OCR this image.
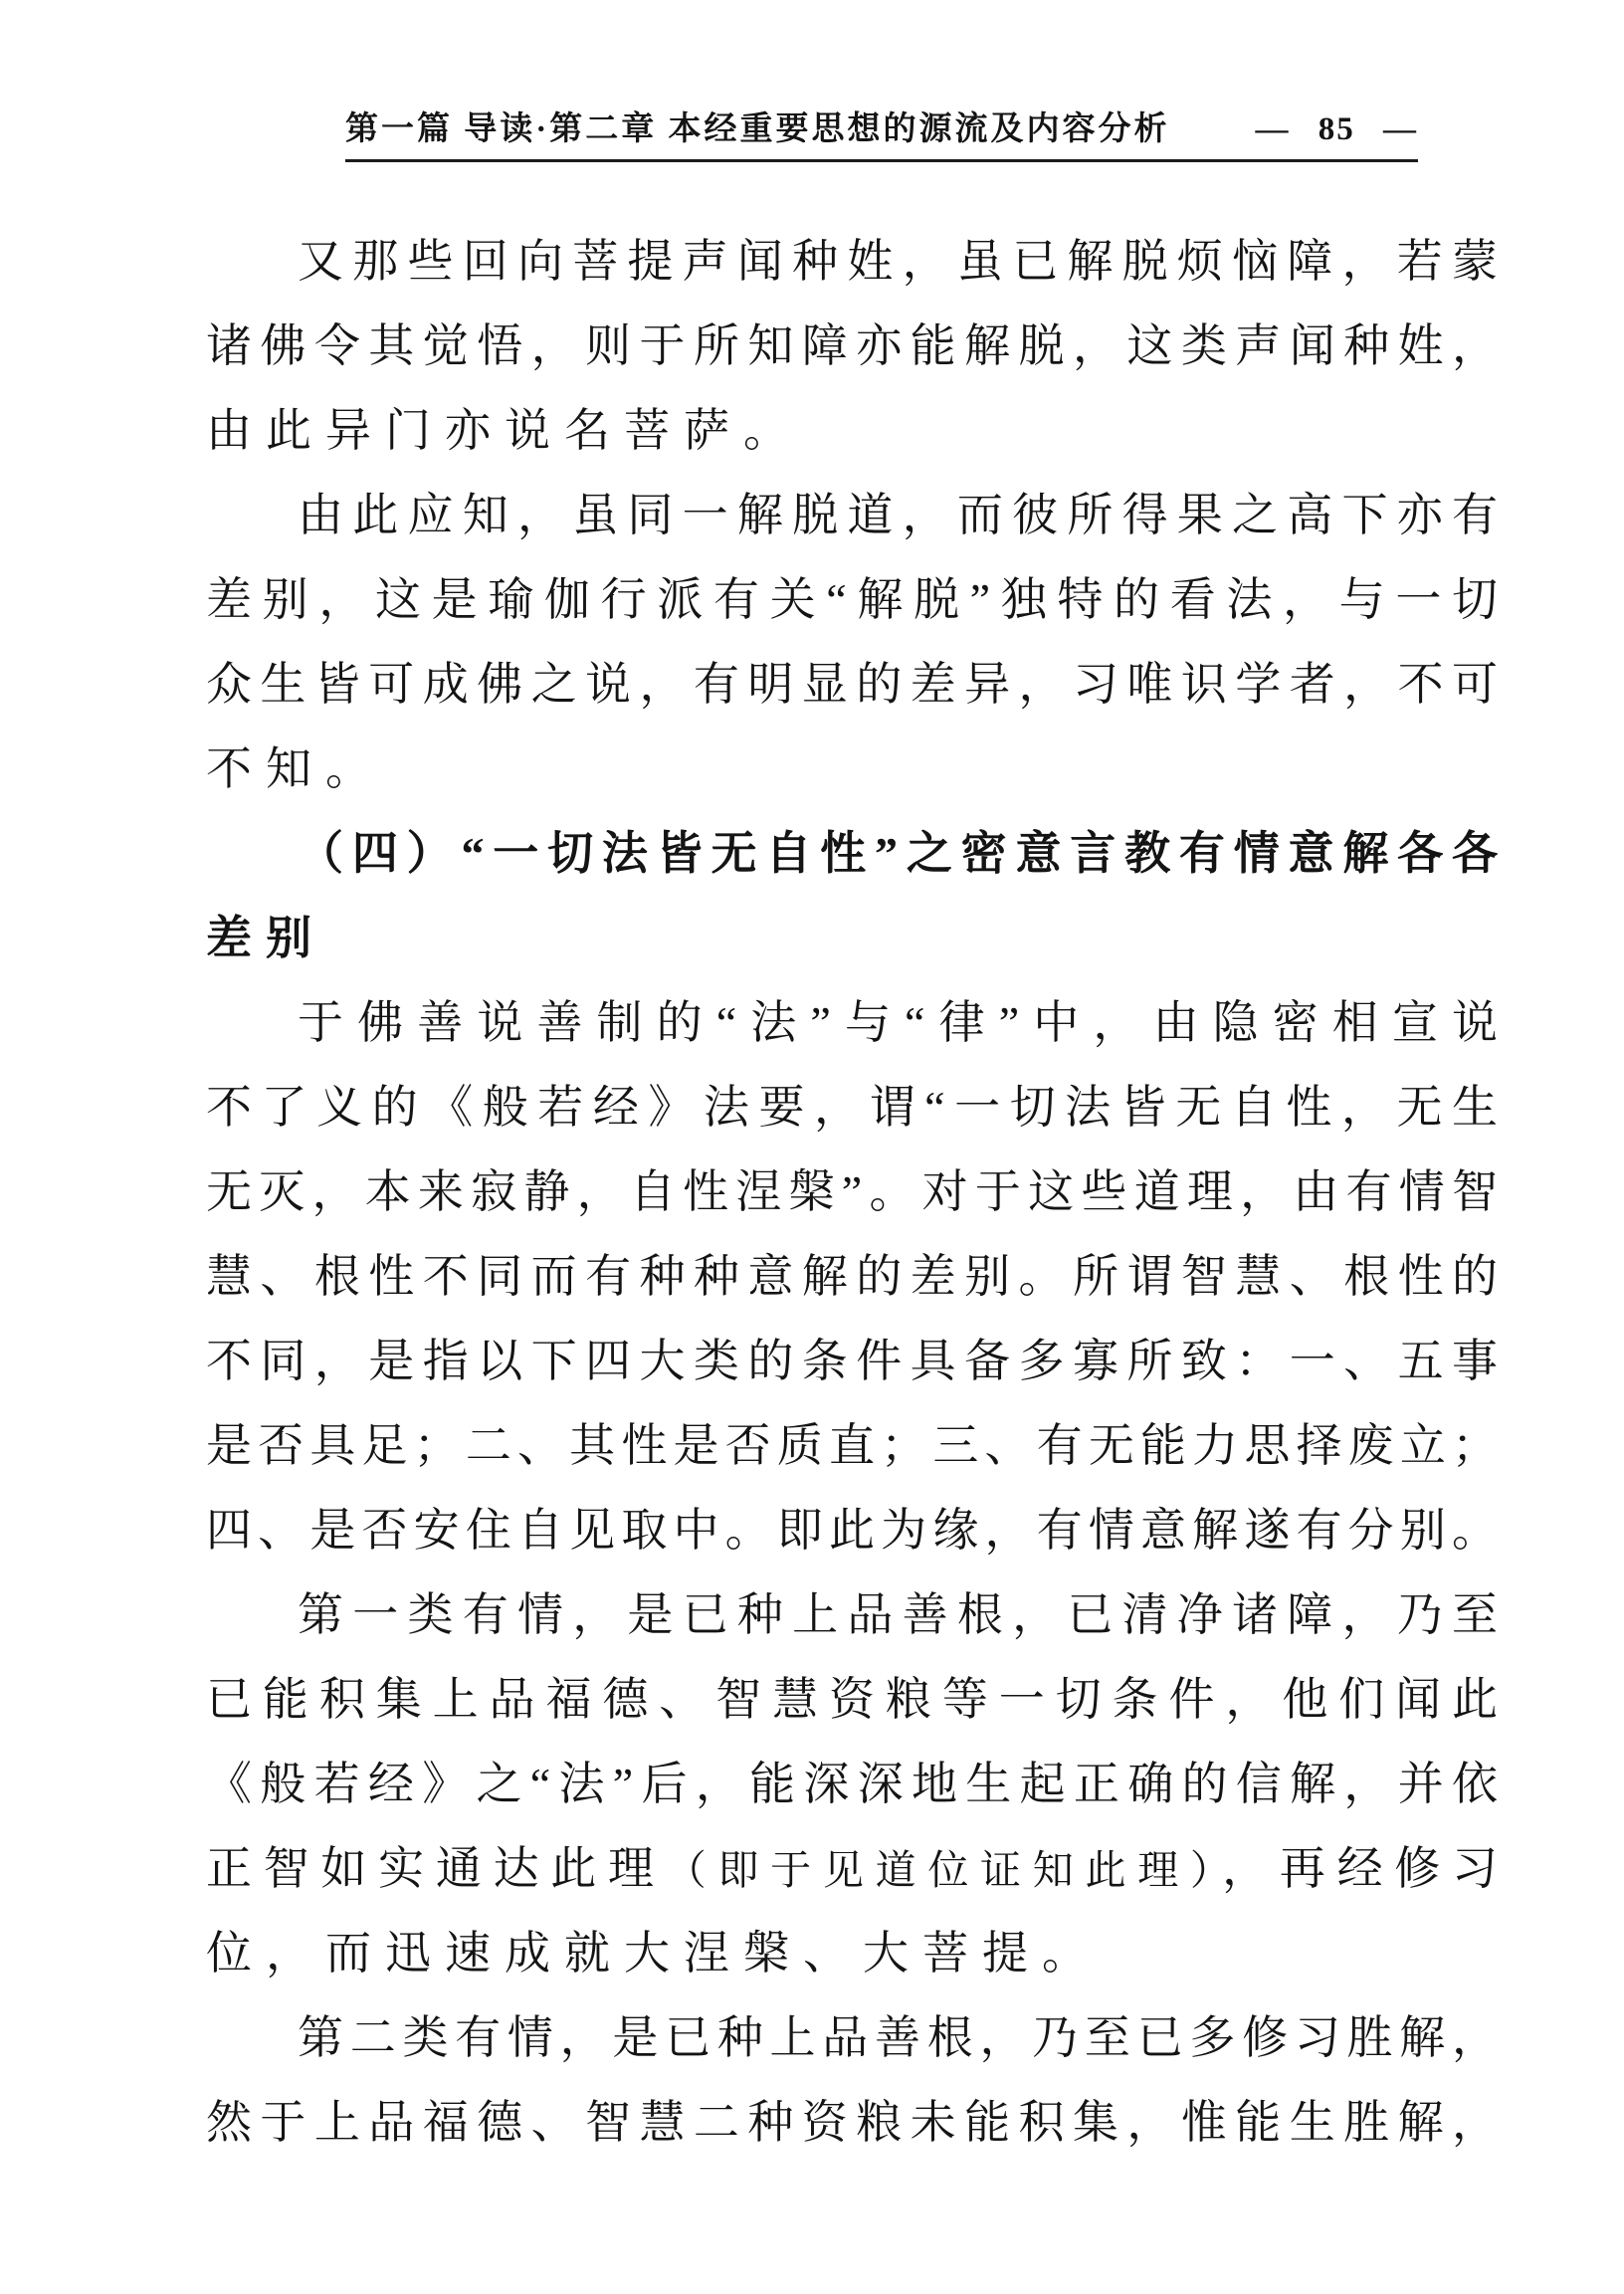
第一篇 导读·第二章 本经重要思想的源流及内容分析	— 85 —
又那些回向菩提声闻种姓，虽已解脱烦恼障，若蒙
诸佛令其觉悟，则于所知障亦能解脱，这类声闻种姓，
由此异门亦说名菩萨。
由此应知，虽同一解脱道，而彼所得果之高下亦有
差别，这是瑜伽行派有关“解脱”独特的看法，与一切
众生皆可成佛之说，有明显的差异，习唯识学者，不可
不知。
（四）“一切法皆无自性”之密意言教有情意解各各
差别
于佛善说善制的“法”与“律”中，由隐密相宣说
不了义的《般若经》法要，谓“一切法皆无自性，无生
无灭，本来寂静，自性涅槃”。对于这些道理，由有情智
慧、根性不同而有种种意解的差别。所谓智慧、根性的
不同，是指以下四大类的条件具备多寡所致：一、五事
是否具足；二、其性是否质直；三、有无能力思择废立；
四、是否安住自见取中。即此为缘，有情意解遂有分别。
第一类有情，是已种上品善根，已清净诸障，乃至
已能积集上品福德、智慧资粮等一切条件，他们闻此
《般若经》之“法”后，能深深地生起正确的信解，并依
正智如实通达此理（即于见道位证知此理），再经修习
位，而迅速成就大涅槃、大菩提。
第二类有情，是已种上品善根，乃至已多修习胜解，
然于上品福德、智慧二种资粮未能积集，惟能生胜解，
